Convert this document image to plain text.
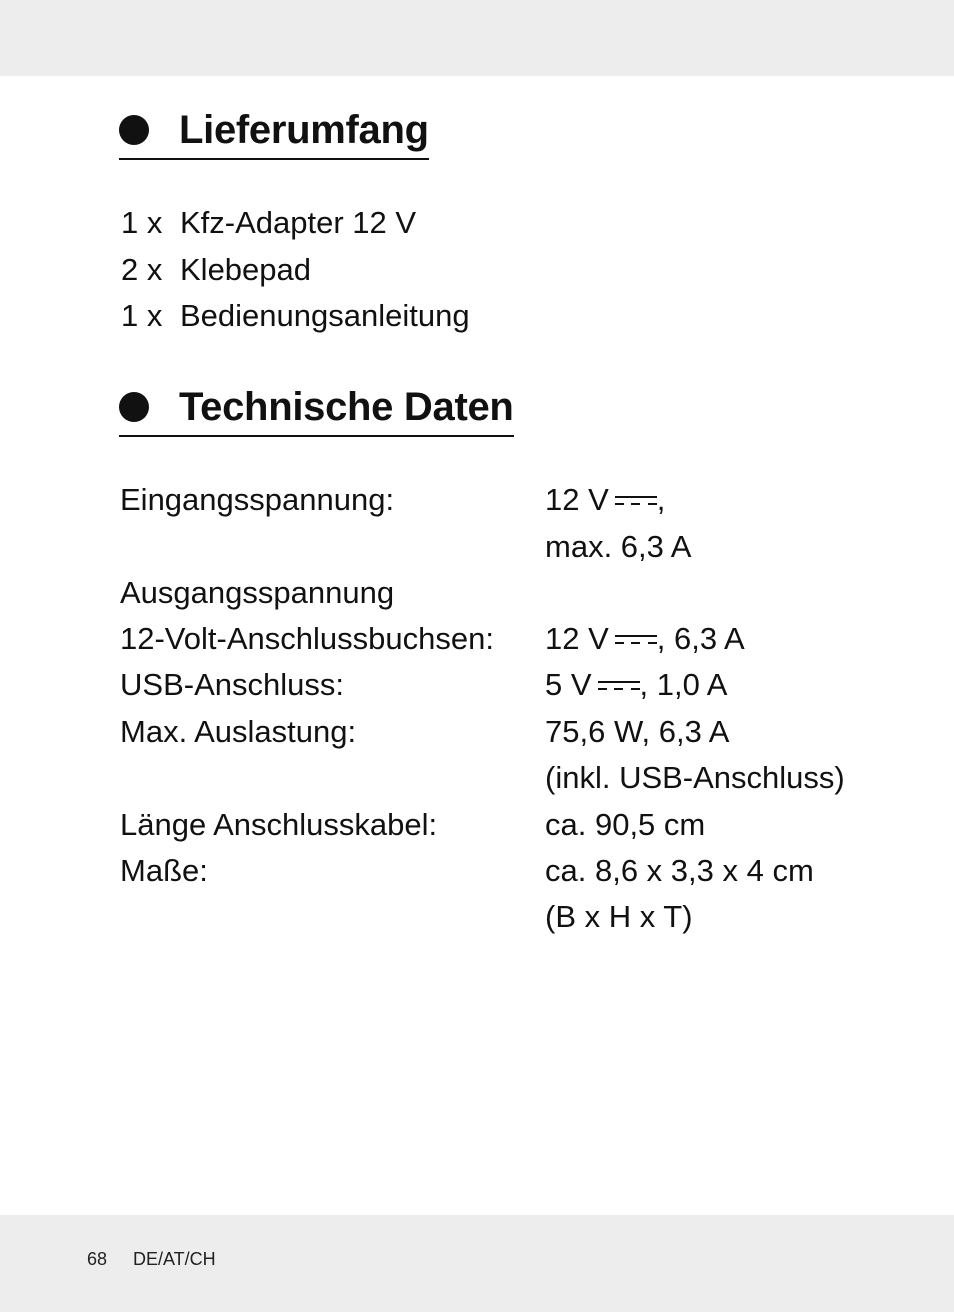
Lieferumfang
1 x Kfz-Adapter 12 V
2 x Klebepad
1 x Bedienungsanleitung
Technische Daten
Eingangsspannung:	12 V ,
max. 6,3 A
Ausgangsspannung
12-Volt-Anschlussbuchsen: 12 V , 6,3 A
USB-Anschluss:	5 V , 1,0 A
Max. Auslastung:	75,6 W, 6,3 A
(inkl. USB-Anschluss)
Länge Anschlusskabel:	ca. 90,5 cm
Maße:	ca. 8,6 x 3,3 x 4 cm
(B x H x T)
68 DE/AT/CH
